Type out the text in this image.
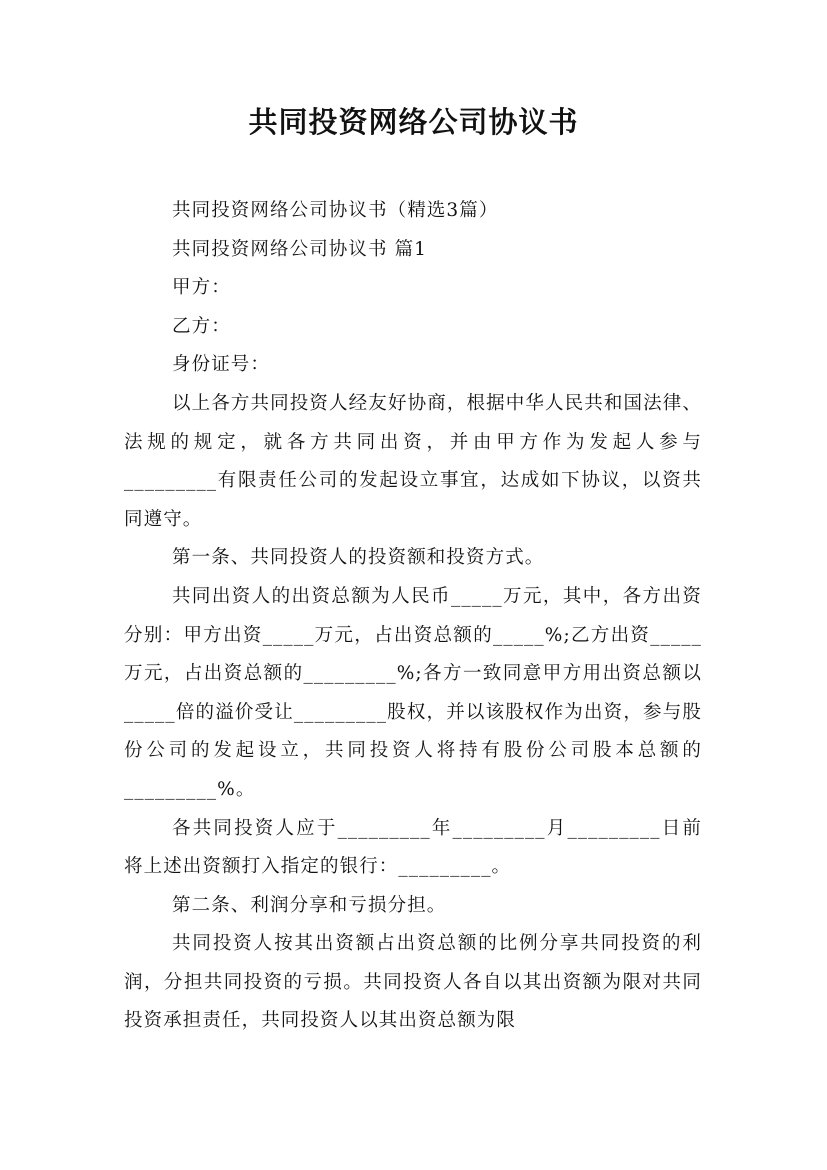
共同投资网络公司协议书

共同投资网络公司协议书（精选3篇）

共同投资网络公司协议书 篇1

甲方：

乙方：

身份证号：

以上各方共同投资人经友好协商，根据中华人民共和国法律、法规的规定，就各方共同出资，并由甲方作为发起人参与_________有限责任公司的发起设立事宜，达成如下协议，以资共同遵守。

第一条、共同投资人的投资额和投资方式。

共同出资人的出资总额为人民币_____万元，其中，各方出资分别：甲方出资_____万元，占出资总额的_____%;乙方出资_____万元，占出资总额的_________%;各方一致同意甲方用出资总额以_____倍的溢价受让_________股权，并以该股权作为出资，参与股份公司的发起设立，共同投资人将持有股份公司股本总额的_________%。

各共同投资人应于_________年_________月_________日前将上述出资额打入指定的银行：_________。

第二条、利润分享和亏损分担。

共同投资人按其出资额占出资总额的比例分享共同投资的利润，分担共同投资的亏损。共同投资人各自以其出资额为限对共同投资承担责任，共同投资人以其出资总额为限
